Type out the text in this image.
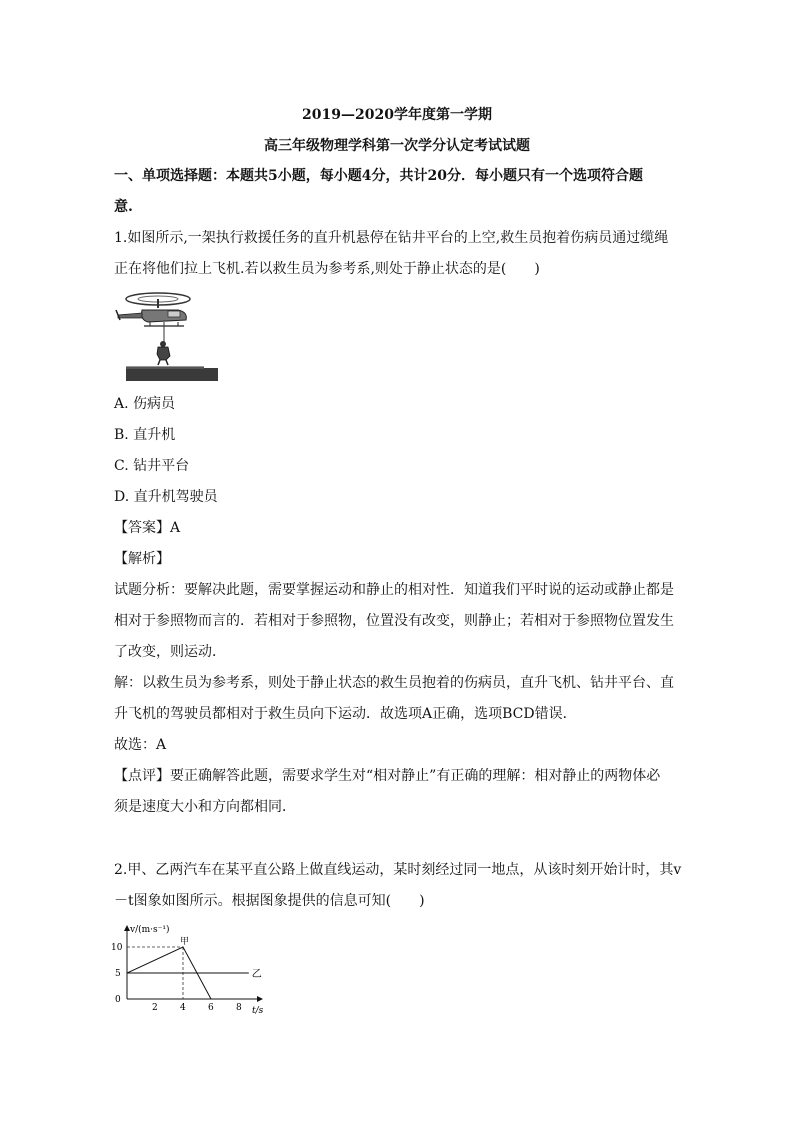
2019—2020学年度第一学期
高三年级物理学科第一次学分认定考试试题
一、单项选择题：本题共5小题，每小题4分，共计20分．每小题只有一个选项符合题
意.
1.如图所示,一架执行救援任务的直升机悬停在钻井平台的上空,救生员抱着伤病员通过缆绳
正在将他们拉上飞机.若以救生员为参考系,则处于静止状态的是(　　)
A. 伤病员
B. 直升机
C. 钻井平台
D. 直升机驾驶员
【答案】A
【解析】
试题分析：要解决此题，需要掌握运动和静止的相对性．知道我们平时说的运动或静止都是
相对于参照物而言的．若相对于参照物，位置没有改变，则静止；若相对于参照物位置发生
了改变，则运动．
解：以救生员为参考系，则处于静止状态的救生员抱着的伤病员，直升飞机、钻井平台、直
升飞机的驾驶员都相对于救生员向下运动．故选项A正确，选项BCD错误．
故选：A
【点评】要正确解答此题，需要求学生对“相对静止”有正确的理解：相对静止的两物体必
须是速度大小和方向都相同．
2.甲、乙两汽车在某平直公路上做直线运动，某时刻经过同一地点，从该时刻开始计时，其v
－t图象如图所示。根据图象提供的信息可知(　　)
v/(m·s⁻¹)
t/s
2 4 6 8
0
5
10
甲
乙
